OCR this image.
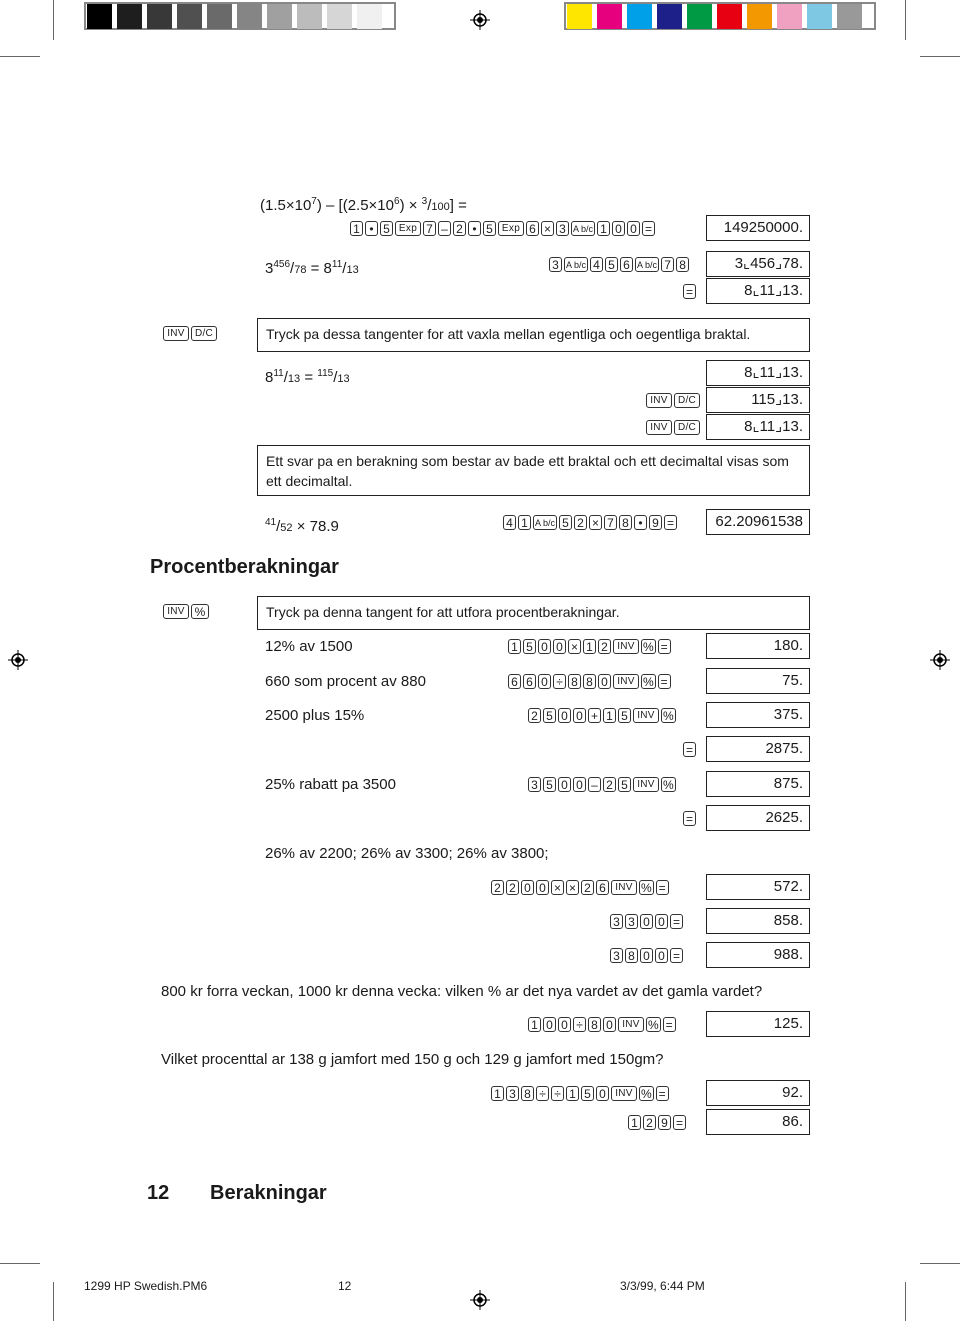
$(1.5\times 10^7) - [(2.5\times 10^6) \times ^3/100]$ =
1 • 5 Exp 7 – 2 • 5 Exp 6 × 3 A b/c 1 0 0 =	149250000.
$3^{456}/78 = 8^{11}/13$	3 A b/c 4 5 6 A b/c 7 8	3⌞456⌟78.
=	8⌞11⌟13.
INV	D/C	Tryck pa dessa tangenter for att vaxla mellan egentliga och oegentliga braktal.
$8^{11}/13 = ^{115}/13$	8⌞11⌟13.
INV	D/C	115⌟13.
INV	D/C	8⌞11⌟13.
Ett svar pa en berakning som bestar av bade ett braktal och ett decimaltal visas som ett decimaltal.
$^{41}$/52 × 78.9	4 1 A b/c 5 2 × 7 8 • 9 =	62.20961538
Procentberakningar
INV %	Tryck pa denna tangent for att utfora procentberakningar.
12% av 1500	1 5 0 0 × 1 2 INV % =	180.
660 som procent av 880	6 6 0 ÷ 8 8 0 INV % =	75.
2500 plus 15%	2 5 0 0 + 1 5 INV %	375.
=	2875.
25% rabatt pa 3500	3 5 0 0 – 2 5 INV %	875.
=	2625.
26% av 2200; 26% av 3300; 26% av 3800;
2 2 0 0 × × 2 6 INV % =	572.
3 3 0 0 =	858.
3 8 0 0 =	988.
800 kr forra veckan, 1000 kr denna vecka: vilken % ar det nya vardet av det gamla vardet?
1 0 0 ÷ 8 0 INV % =	125.
Vilket procenttal ar 138 g jamfort med 150 g och 129 g jamfort med 150gm?
1 3 8 ÷ ÷ 1 5 0 INV % =	92.
1 2 9 =	86.
12 Berakningar
1299 HP Swedish.PM6	12	3/3/99, 6:44 PM
